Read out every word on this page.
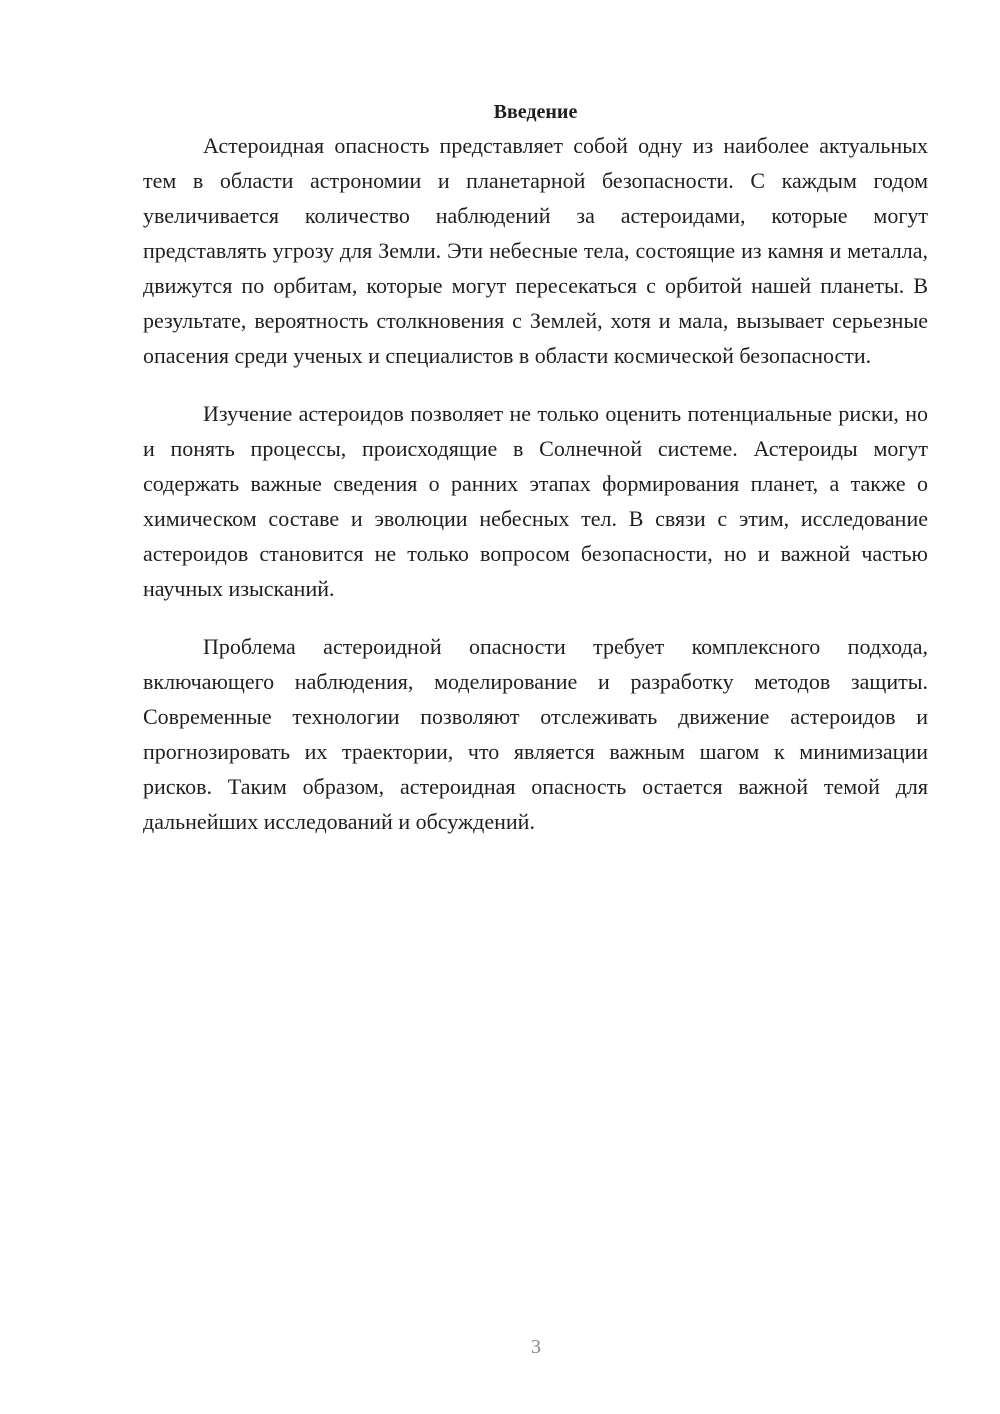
Введение

Астероидная опасность представляет собой одну из наиболее актуальных тем в области астрономии и планетарной безопасности. С каждым годом увеличивается количество наблюдений за астероидами, которые могут представлять угрозу для Земли. Эти небесные тела, состоящие из камня и металла, движутся по орбитам, которые могут пересекаться с орбитой нашей планеты. В результате, вероятность столкновения с Землей, хотя и мала, вызывает серьезные опасения среди ученых и специалистов в области космической безопасности.

Изучение астероидов позволяет не только оценить потенциальные риски, но и понять процессы, происходящие в Солнечной системе. Астероиды могут содержать важные сведения о ранних этапах формирования планет, а также о химическом составе и эволюции небесных тел. В связи с этим, исследование астероидов становится не только вопросом безопасности, но и важной частью научных изысканий.

Проблема астероидной опасности требует комплексного подхода, включающего наблюдения, моделирование и разработку методов защиты. Современные технологии позволяют отслеживать движение астероидов и прогнозировать их траектории, что является важным шагом к минимизации рисков. Таким образом, астероидная опасность остается важной темой для дальнейших исследований и обсуждений.

3
